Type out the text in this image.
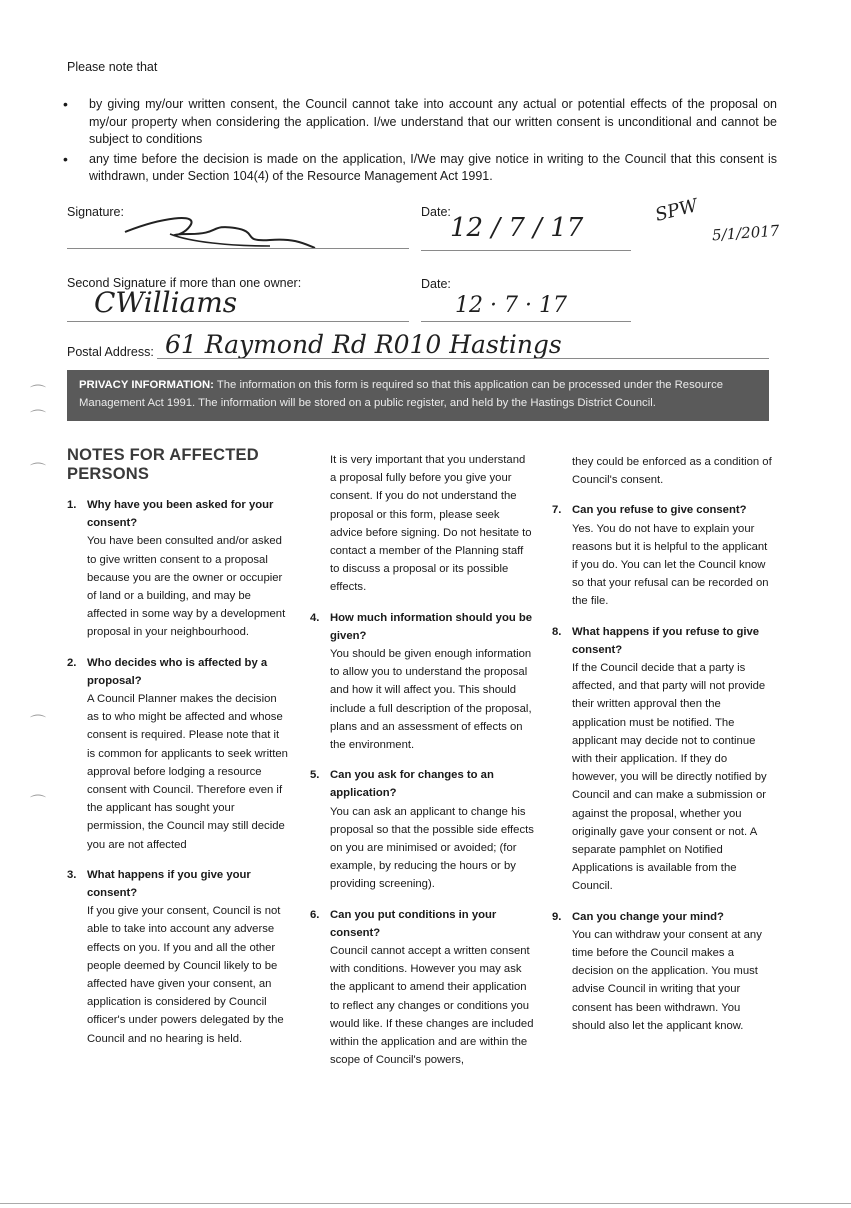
Please note that
• by giving my/our written consent, the Council cannot take into account any actual or potential effects of the proposal on my/our property when considering the application. I/we understand that our written consent is unconditional and cannot be subject to conditions
• any time before the decision is made on the application, I/We may give notice in writing to the Council that this consent is withdrawn, under Section 104(4) of the Resource Management Act 1991.
Signature:	Date:
12 / 7 / 17
SPW
5/1/2017
Second Signature if more than one owner:
CWilliams
Date:
12 · 7 · 17
Postal Address: 61 Raymond Rd R010 Hastings
PRIVACY INFORMATION: The information on this form is required so that this application can be processed under the Resource Management Act 1991. The information will be stored on a public register, and held by the Hastings District Council.
⌒
⌒
⌒
⌒
⌒
NOTES FOR AFFECTED PERSONS
1. Why have you been asked for your consent?
You have been consulted and/or asked to give written consent to a proposal because you are the owner or occupier of land or a building, and may be affected in some way by a development proposal in your neighbourhood.
2. Who decides who is affected by a proposal?
A Council Planner makes the decision as to who might be affected and whose consent is required. Please note that it is common for applicants to seek written approval before lodging a resource consent with Council. Therefore even if the applicant has sought your permission, the Council may still decide you are not affected
3. What happens if you give your consent?
If you give your consent, Council is not able to take into account any adverse effects on you. If you and all the other people deemed by Council likely to be affected have given your consent, an application is considered by Council officer's under powers delegated by the Council and no hearing is held.
It is very important that you understand a proposal fully before you give your consent. If you do not understand the proposal or this form, please seek advice before signing. Do not hesitate to contact a member of the Planning staff to discuss a proposal or its possible effects.
4. How much information should you be given?
You should be given enough information to allow you to understand the proposal and how it will affect you. This should include a full description of the proposal, plans and an assessment of effects on the environment.
5. Can you ask for changes to an application?
You can ask an applicant to change his proposal so that the possible side effects on you are minimised or avoided; (for example, by reducing the hours or by providing screening).
6. Can you put conditions in your consent?
Council cannot accept a written consent with conditions. However you may ask the applicant to amend their application to reflect any changes or conditions you would like. If these changes are included within the application and are within the scope of Council's powers,
they could be enforced as a condition of Council's consent.
7. Can you refuse to give consent?
Yes. You do not have to explain your reasons but it is helpful to the applicant if you do. You can let the Council know so that your refusal can be recorded on the file.
8. What happens if you refuse to give consent?
If the Council decide that a party is affected, and that party will not provide their written approval then the application must be notified. The applicant may decide not to continue with their application. If they do however, you will be directly notified by Council and can make a submission or against the proposal, whether you originally gave your consent or not. A separate pamphlet on Notified Applications is available from the Council.
9. Can you change your mind?
You can withdraw your consent at any time before the Council makes a decision on the application. You must advise Council in writing that your consent has been withdrawn. You should also let the applicant know.
